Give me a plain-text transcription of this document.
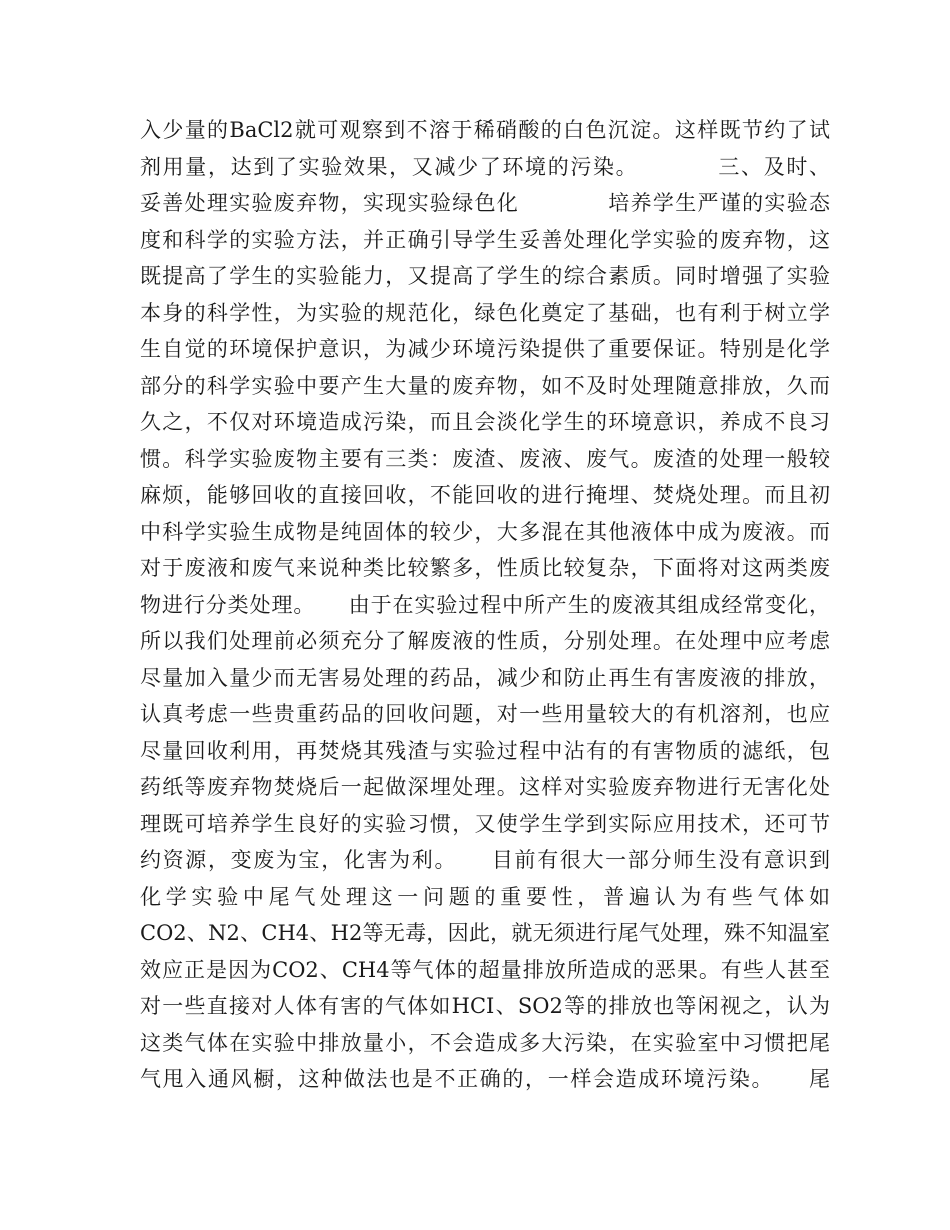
入少量的BaCl2就可观察到不溶于稀硝酸的白色沉淀。这样既节约了试
剂用量，达到了实验效果，又减少了环境的污染。　　　　三、及时、
妥善处理实验废弃物，实现实验绿色化　　　　培养学生严谨的实验态
度和科学的实验方法，并正确引导学生妥善处理化学实验的废弃物，这
既提高了学生的实验能力，又提高了学生的综合素质。同时增强了实验
本身的科学性，为实验的规范化，绿色化奠定了基础，也有利于树立学
生自觉的环境保护意识，为减少环境污染提供了重要保证。特别是化学
部分的科学实验中要产生大量的废弃物，如不及时处理随意排放，久而
久之，不仅对环境造成污染，而且会淡化学生的环境意识，养成不良习
惯。科学实验废物主要有三类：废渣、废液、废气。废渣的处理一般较
麻烦，能够回收的直接回收，不能回收的进行掩埋、焚烧处理。而且初
中科学实验生成物是纯固体的较少，大多混在其他液体中成为废液。而
对于废液和废气来说种类比较繁多，性质比较复杂，下面将对这两类废
物进行分类处理。　　由于在实验过程中所产生的废液其组成经常变化，
所以我们处理前必须充分了解废液的性质，分别处理。在处理中应考虑
尽量加入量少而无害易处理的药品，减少和防止再生有害废液的排放，
认真考虑一些贵重药品的回收问题，对一些用量较大的有机溶剂，也应
尽量回收利用，再焚烧其残渣与实验过程中沾有的有害物质的滤纸，包
药纸等废弃物焚烧后一起做深埋处理。这样对实验废弃物进行无害化处
理既可培养学生良好的实验习惯，又使学生学到实际应用技术，还可节
约资源，变废为宝，化害为利。　　目前有很大一部分师生没有意识到
化学实验中尾气处理这一问题的重要性，普遍认为有些气体如
CO2、N2、CH4、H2等无毒，因此，就无须进行尾气处理，殊不知温室
效应正是因为CO2、CH4等气体的超量排放所造成的恶果。有些人甚至
对一些直接对人体有害的气体如HCI、SO2等的排放也等闲视之，认为
这类气体在实验中排放量小，不会造成多大污染，在实验室中习惯把尾
气甩入通风橱，这种做法也是不正确的，一样会造成环境污染。　　尾
